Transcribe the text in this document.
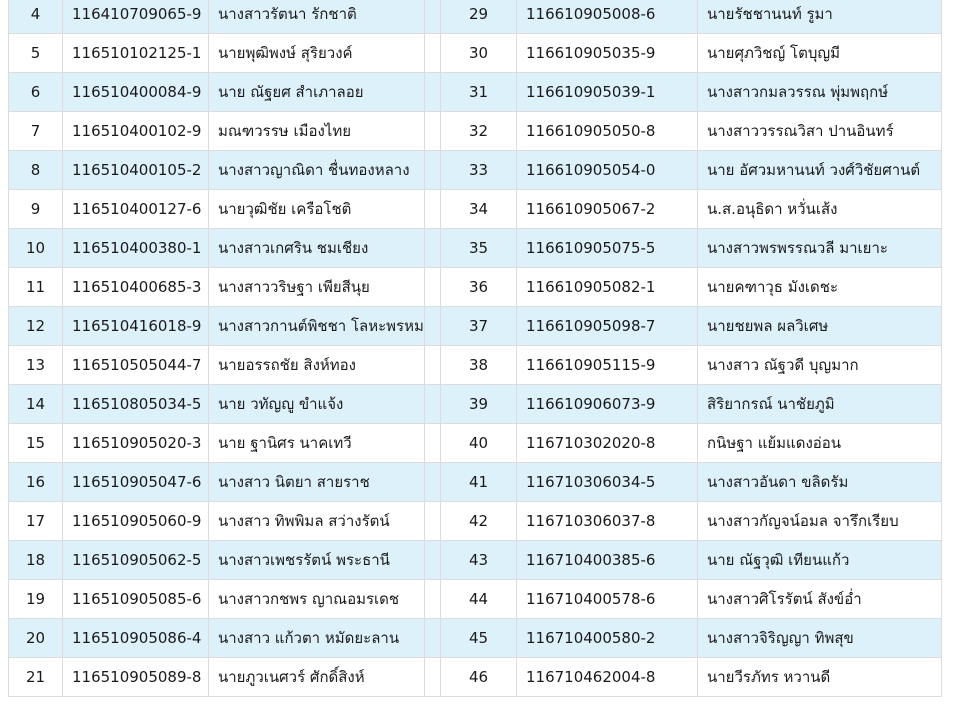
4	116410709065-9	นางสาวรัตนา รักชาติ		29	116610905008-6	นายรัชชานนท์ รูมา
5	116510102125-1	นายพุฒิพงษ์ สุริยวงค์		30	116610905035-9	นายศุภวิชญ์ โตบุญมี
6	116510400084-9	นาย ณัฐยศ สำเภาลอย		31	116610905039-1	นางสาวกมลวรรณ พุ่มพฤกษ์
7	116510400102-9	มณฑวรรษ เมืองไทย		32	116610905050-8	นางสาววรรณวิสา ปานอินทร์
8	116510400105-2	นางสาวญาณิดา ชื่นทองหลาง		33	116610905054-0	นาย อัศวมหานนท์ วงศ์วิชัยศานต์
9	116510400127-6	นายวุฒิชัย เครือโชติ		34	116610905067-2	น.ส.อนุธิดา หวั่นเส้ง
10	116510400380-1	นางสาวเกศริน ชมเชียง		35	116610905075-5	นางสาวพรพรรณวลี มาเยาะ
11	116510400685-3	นางสาววริษฐา เพียสีนุย		36	116610905082-1	นายคฑาวุธ มังเดชะ
12	116510416018-9	นางสาวกานต์พิชชา โลหะพรหม		37	116610905098-7	นายชยพล ผลวิเศษ
13	116510505044-7	นายอรรถชัย สิงห์ทอง		38	116610905115-9	นางสาว ณัฐวดี บุญมาก
14	116510805034-5	นาย วทัญญู ขำแจ้ง		39	116610906073-9	สิริยากรณ์ นาชัยภูมิ
15	116510905020-3	นาย ฐานิศร นาคเทวี		40	116710302020-8	กนิษฐา แย้มแดงอ่อน
16	116510905047-6	นางสาว นิตยา สายราช		41	116710306034-5	นางสาวอันดา ขลิดรัม
17	116510905060-9	นางสาว ทิพพิมล สว่างรัตน์		42	116710306037-8	นางสาวกัญจน์อมล จารึกเรียบ
18	116510905062-5	นางสาวเพชรรัตน์ พระธานี		43	116710400385-6	นาย ณัฐวุฒิ เทียนแก้ว
19	116510905085-6	นางสาวกชพร ญาณอมรเดช		44	116710400578-6	นางสาวศิโรรัตน์ สังข์อ่ำ
20	116510905086-4	นางสาว แก้วตา หมัดยะลาน		45	116710400580-2	นางสาวจิริญญา ทิพสุข
21	116510905089-8	นายภูวเนศวร์ ศักดิ์สิงห์		46	116710462004-8	นายวีรภัทร หวานดี
